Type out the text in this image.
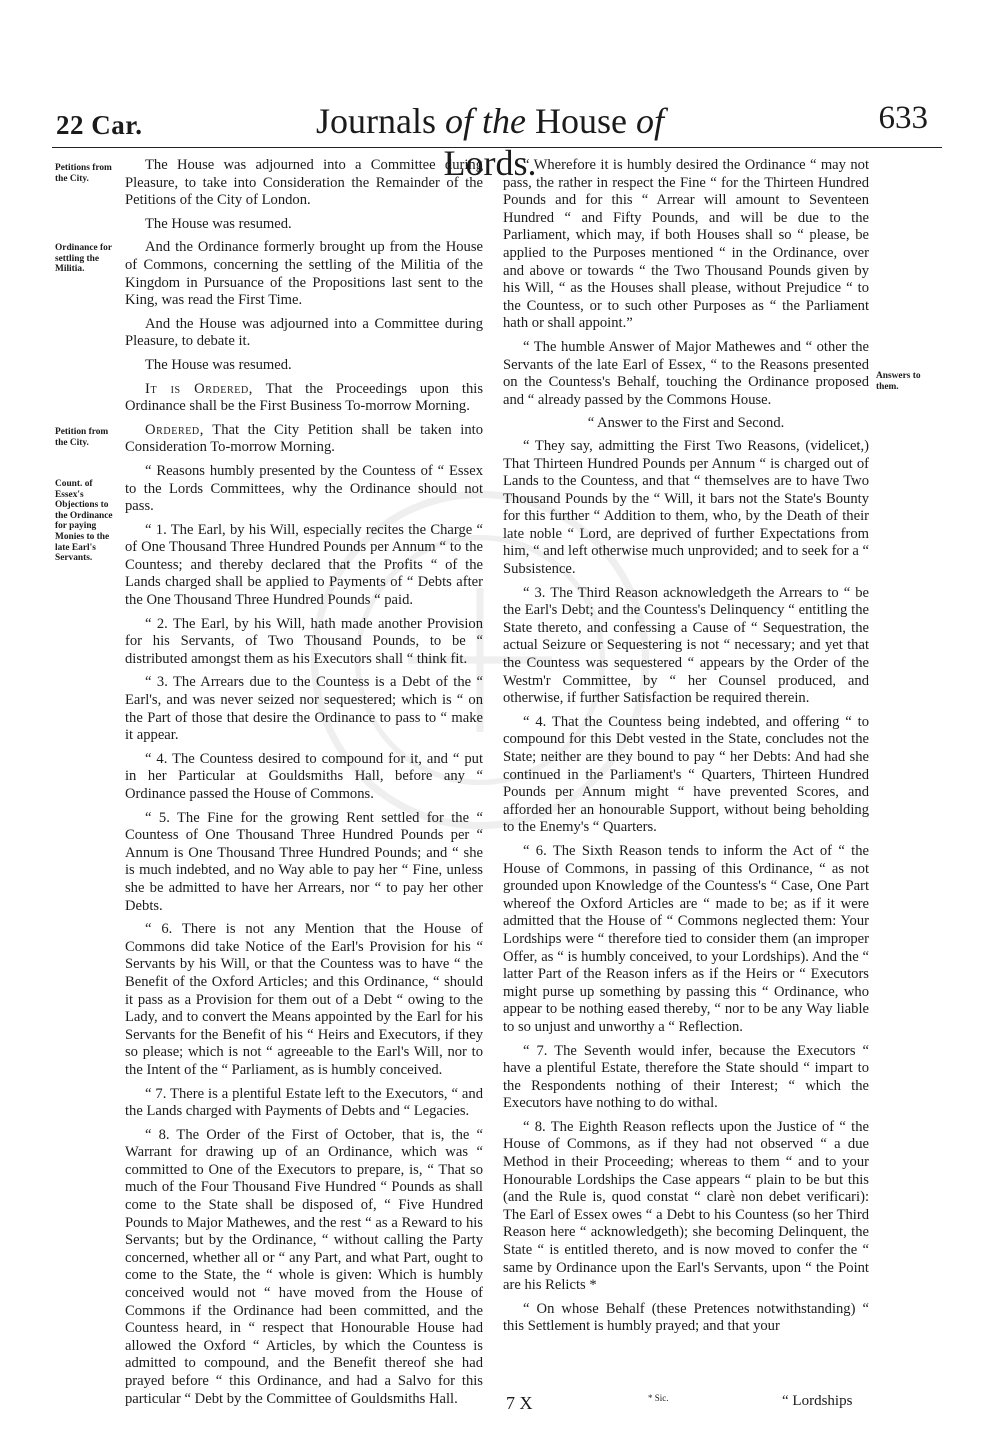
22 Car.	Journals of the House of Lords.
633
Petitions from the City.
Ordinance for settling the Militia.
Petition from the City.
Count. of Essex's Objections to the Ordinance for paying Monies to the late Earl's Servants.
Answers to them.

The House was adjourned into a Committee during Pleasure, to take into Consideration the Remainder of the Petitions of the City of London.

The House was resumed.

And the Ordinance formerly brought up from the House of Commons, concerning the settling of the Militia of the Kingdom in Pursuance of the Propositions last sent to the King, was read the First Time.

And the House was adjourned into a Committee during Pleasure, to debate it.

The House was resumed.

It is Ordered, That the Proceedings upon this Ordinance shall be the First Business To-morrow Morning.

Ordered, That the City Petition shall be taken into Consideration To-morrow Morning.

“ Reasons humbly presented by the Countess of “ Essex to the Lords Committees, why the Ordinance should not pass.

“ 1. The Earl, by his Will, especially recites the Charge “ of One Thousand Three Hundred Pounds per Annum “ to the Countess; and thereby declared that the Profits “ of the Lands charged shall be applied to Payments of “ Debts after the One Thousand Three Hundred Pounds “ paid.

“ 2. The Earl, by his Will, hath made another Provision for his Servants, of Two Thousand Pounds, to be “ distributed amongst them as his Executors shall “ think fit.

“ 3. The Arrears due to the Countess is a Debt of the “ Earl's, and was never seized nor sequestered; which is “ on the Part of those that desire the Ordinance to pass to “ make it appear.

“ 4. The Countess desired to compound for it, and “ put in her Particular at Gouldsmiths Hall, before any “ Ordinance passed the House of Commons.

“ 5. The Fine for the growing Rent settled for the “ Countess of One Thousand Three Hundred Pounds per “ Annum is One Thousand Three Hundred Pounds; and “ she is much indebted, and no Way able to pay her “ Fine, unless she be admitted to have her Arrears, nor “ to pay her other Debts.

“ 6. There is not any Mention that the House of Commons did take Notice of the Earl's Provision for his “ Servants by his Will, or that the Countess was to have “ the Benefit of the Oxford Articles; and this Ordinance, “ should it pass as a Provision for them out of a Debt “ owing to the Lady, and to convert the Means appointed by the Earl for his Servants for the Benefit of his “ Heirs and Executors, if they so please; which is not “ agreeable to the Earl's Will, nor to the Intent of the “ Parliament, as is humbly conceived.

“ 7. There is a plentiful Estate left to the Executors, “ and the Lands charged with Payments of Debts and “ Legacies.

“ 8. The Order of the First of October, that is, the “ Warrant for drawing up of an Ordinance, which was “ committed to One of the Executors to prepare, is, “ That so much of the Four Thousand Five Hundred “ Pounds as shall come to the State shall be disposed of, “ Five Hundred Pounds to Major Mathewes, and the rest “ as a Reward to his Servants; but by the Ordinance, “ without calling the Party concerned, whether all or “ any Part, and what Part, ought to come to the State, the “ whole is given: Which is humbly conceived would not “ have moved from the House of Commons if the Ordinance had been committed, and the Countess heard, in “ respect that Honourable House had allowed the Oxford “ Articles, by which the Countess is admitted to compound, and the Benefit thereof she had prayed before “ this Ordinance, and had a Salvo for this particular “ Debt by the Committee of Gouldsmiths Hall.

“ Wherefore it is humbly desired the Ordinance “ may not pass, the rather in respect the Fine “ for the Thirteen Hundred Pounds and for this “ Arrear will amount to Seventeen Hundred “ and Fifty Pounds, and will be due to the Parliament, which may, if both Houses shall so “ please, be applied to the Purposes mentioned “ in the Ordinance, over and above or towards “ the Two Thousand Pounds given by his Will, “ as the Houses shall please, without Prejudice “ to the Countess, or to such other Purposes as “ the Parliament hath or shall appoint.”

“ The humble Answer of Major Mathewes and “ other the Servants of the late Earl of Essex, “ to the Reasons presented on the Countess's Behalf, touching the Ordinance proposed and “ already passed by the Commons House.

“ Answer to the First and Second.

“ They say, admitting the First Two Reasons, (videlicet,) That Thirteen Hundred Pounds per Annum “ is charged out of Lands to the Countess, and that “ themselves are to have Two Thousand Pounds by the “ Will, it bars not the State's Bounty for this further “ Addition to them, who, by the Death of their late noble “ Lord, are deprived of further Expectations from him, “ and left otherwise much unprovided; and to seek for a “ Subsistence.

“ 3. The Third Reason acknowledgeth the Arrears to “ be the Earl's Debt; and the Countess's Delinquency “ entitling the State thereto, and confessing a Cause of “ Sequestration, the actual Seizure or Sequestering is not “ necessary; and yet that the Countess was sequestered “ appears by the Order of the Westm'r Committee, by “ her Counsel produced, and otherwise, if further Satisfaction be required therein.

“ 4. That the Countess being indebted, and offering “ to compound for this Debt vested in the State, concludes not the State; neither are they bound to pay “ her Debts: And had she continued in the Parliament's “ Quarters, Thirteen Hundred Pounds per Annum might “ have prevented Scores, and afforded her an honourable Support, without being beholding to the Enemy's “ Quarters.

“ 6. The Sixth Reason tends to inform the Act of “ the House of Commons, in passing of this Ordinance, “ as not grounded upon Knowledge of the Countess's “ Case, One Part whereof the Oxford Articles are “ made to be; as if it were admitted that the House of “ Commons neglected them: Your Lordships were “ therefore tied to consider them (an improper Offer, as “ is humbly conceived, to your Lordships). And the “ latter Part of the Reason infers as if the Heirs or “ Executors might purse up something by passing this “ Ordinance, who appear to be nothing eased thereby, “ nor to be any Way liable to so unjust and unworthy a “ Reflection.

“ 7. The Seventh would infer, because the Executors “ have a plentiful Estate, therefore the State should “ impart to the Respondents nothing of their Interest; “ which the Executors have nothing to do withal.

“ 8. The Eighth Reason reflects upon the Justice of “ the House of Commons, as if they had not observed “ a due Method in their Proceeding; whereas to them “ and to your Honourable Lordships the Case appears “ plain to be but this (and the Rule is, quod constat “ clarè non debet verificari): The Earl of Essex owes “ a Debt to his Countess (so her Third Reason here “ acknowledgeth); she becoming Delinquent, the State “ is entitled thereto, and is now moved to confer the “ same by Ordinance upon the Earl's Servants, upon “ the Point are his Relicts *

“ On whose Behalf (these Pretences notwithstanding) “ this Settlement is humbly prayed; and that your

7 X	* Sic.	“ Lordships
